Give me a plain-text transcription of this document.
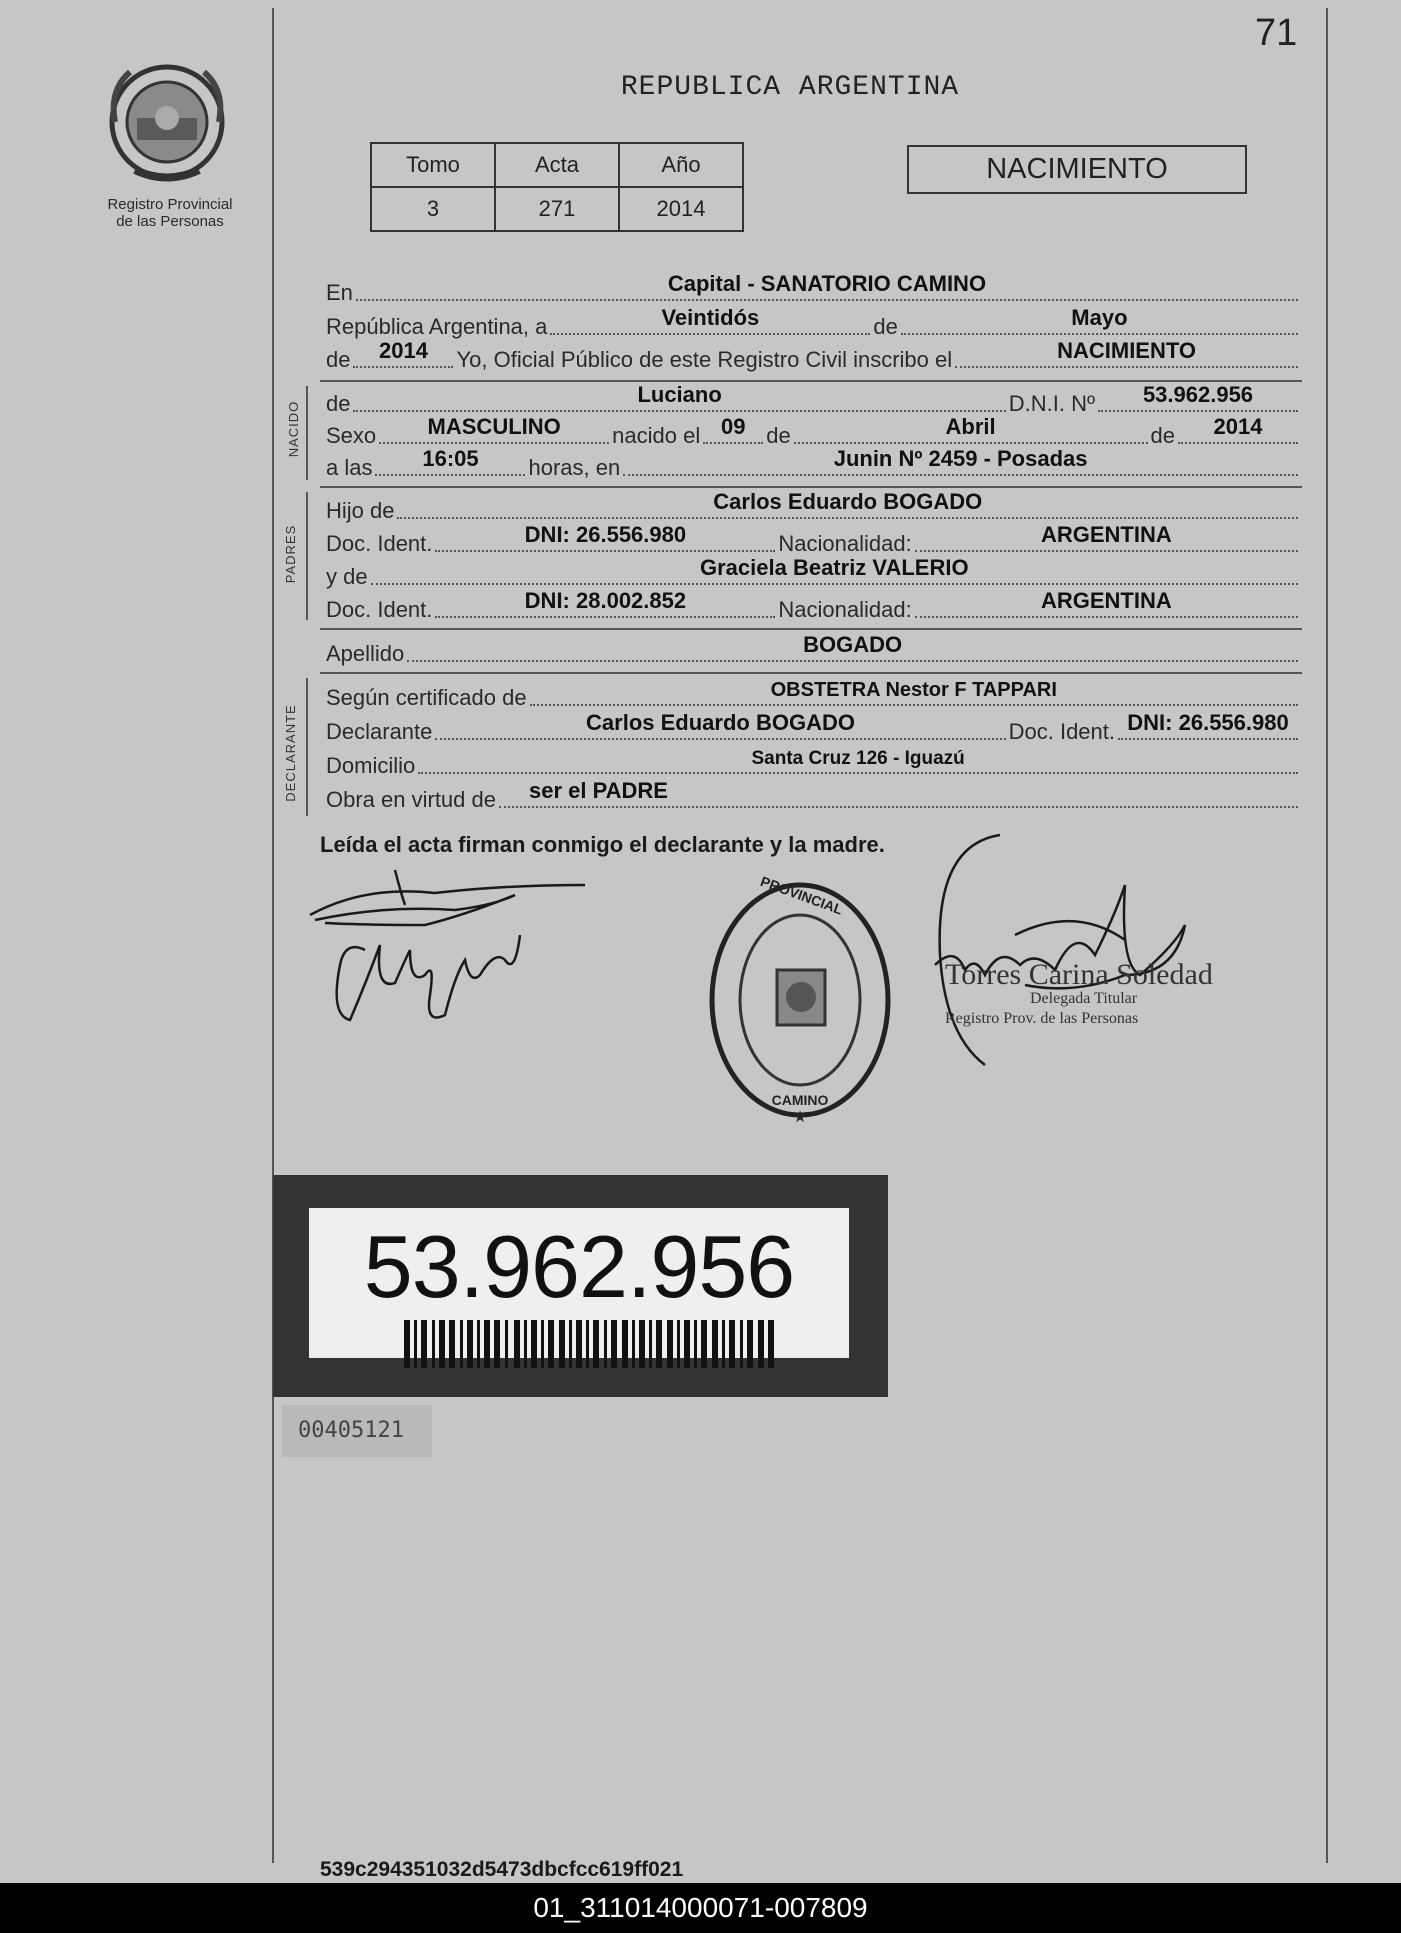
71
Registro Provincial
de las Personas
REPUBLICA ARGENTINA
Tomo	Acta	Año
3	271	2014
NACIMIENTO
En	Capital - SANATORIO CAMINO
República Argentina, a	Veintidós	de	Mayo
de	2014	Yo, Oficial Público de este Registro Civil inscribo el	NACIMIENTO
NACIDO de	Luciano	D.N.I. Nº	53.962.956
Sexo	MASCULINO	nacido el 09 de	Abril	de	2014
a las	16:05	horas, en	Junin Nº 2459 - Posadas
PADRES
Hijo de	Carlos Eduardo BOGADO
Doc. Ident.	DNI: 26.556.980	Nacionalidad:	ARGENTINA
y de	Graciela Beatriz VALERIO
Doc. Ident.	DNI: 28.002.852	Nacionalidad:	ARGENTINA
Apellido	BOGADO
DECLARANTE
Según certificado de	OBSTETRA Nestor F TAPPARI
Declarante	Carlos Eduardo BOGADO	Doc. Ident. DNI: 26.556.980
Domicilio	Santa Cruz 126 - Iguazú
Obra en virtud de	ser el PADRE
Leída el acta firman conmigo el declarante y la madre.
PROVINCIAL
CAMINO
★
Torres Carina Soledad
Delegada Titular
Registro Prov. de las Personas
53.962.956
00405121
539c294351032d5473dbcfcc619ff021
01_311014000071-007809
